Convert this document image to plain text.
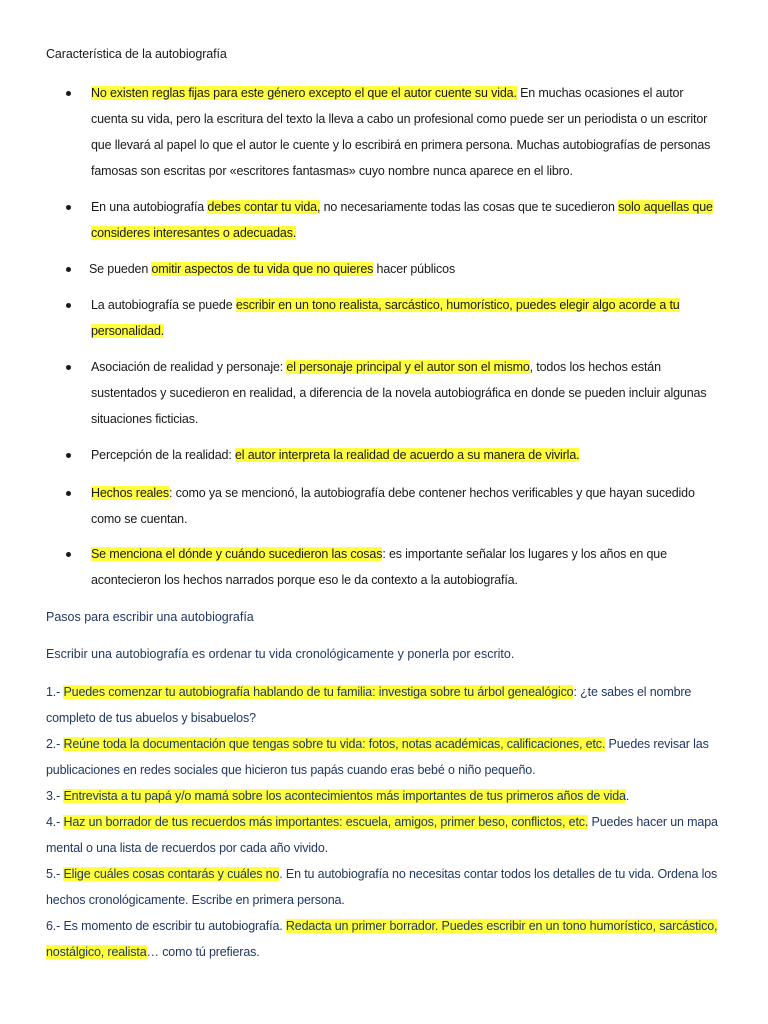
Característica de la autobiografía
No existen reglas fijas para este género excepto el que el autor cuente su vida. En muchas ocasiones el autor cuenta su vida, pero la escritura del texto la lleva a cabo un profesional como puede ser un periodista o un escritor que llevará al papel lo que el autor le cuente y lo escribirá en primera persona. Muchas autobiografías de personas famosas son escritas por «escritores fantasmas» cuyo nombre nunca aparece en el libro.
En una autobiografía debes contar tu vida, no necesariamente todas las cosas que te sucedieron solo aquellas que consideres interesantes o adecuadas.
Se pueden omitir aspectos de tu vida que no quieres hacer públicos
La autobiografía se puede escribir en un tono realista, sarcástico, humorístico, puedes elegir algo acorde a tu personalidad.
Asociación de realidad y personaje: el personaje principal y el autor son el mismo, todos los hechos están sustentados y sucedieron en realidad, a diferencia de la novela autobiográfica en donde se pueden incluir algunas situaciones ficticias.
Percepción de la realidad: el autor interpreta la realidad de acuerdo a su manera de vivirla.
Hechos reales: como ya se mencionó, la autobiografía debe contener hechos verificables y que hayan sucedido como se cuentan.
Se menciona el dónde y cuándo sucedieron las cosas: es importante señalar los lugares y los años en que acontecieron los hechos narrados porque eso le da contexto a la autobiografía.
Pasos para escribir una autobiografía
Escribir una autobiografía es ordenar tu vida cronológicamente y ponerla por escrito.

1.- Puedes comenzar tu autobiografía hablando de tu familia: investiga sobre tu árbol genealógico: ¿te sabes el nombre completo de tus abuelos y bisabuelos?

2.- Reúne toda la documentación que tengas sobre tu vida: fotos, notas académicas, calificaciones, etc. Puedes revisar las publicaciones en redes sociales que hicieron tus papás cuando eras bebé o niño pequeño.

3.- Entrevista a tu papá y/o mamá sobre los acontecimientos más importantes de tus primeros años de vida.

4.- Haz un borrador de tus recuerdos más importantes: escuela, amigos, primer beso, conflictos, etc. Puedes hacer un mapa mental o una lista de recuerdos por cada año vivido.

5.- Elige cuáles cosas contarás y cuáles no. En tu autobiografía no necesitas contar todos los detalles de tu vida. Ordena los hechos cronológicamente. Escribe en primera persona.

6.- Es momento de escribir tu autobiografía. Redacta un primer borrador. Puedes escribir en un tono humorístico, sarcástico, nostálgico, realista… como tú prefieras.
